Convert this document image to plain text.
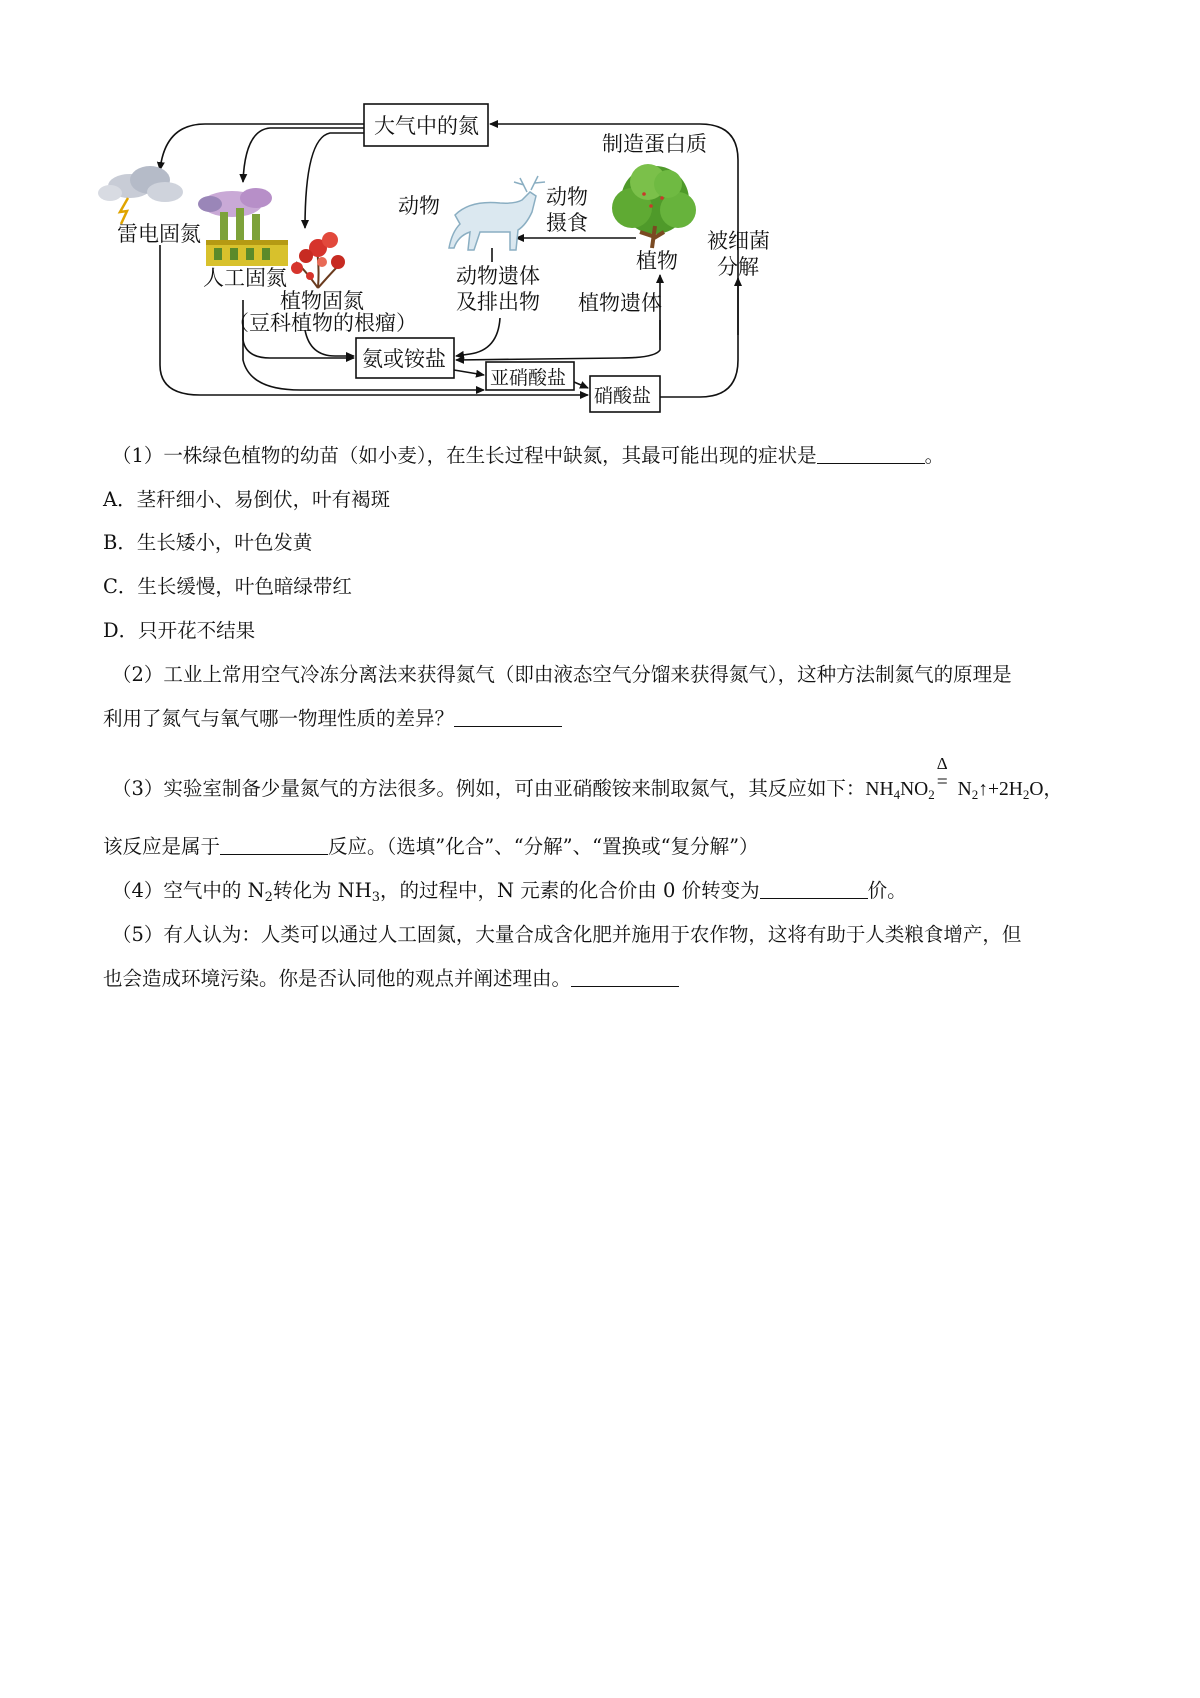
大气中的氮
制造蛋白质
雷电固氮
人工固氮
动物	动物
摄食
被细菌
分解
植物
植物固氮
（豆科植物的根瘤）
动物遗体
及排出物 植物遗体
氨或铵盐
亚硝酸盐
硝酸盐
（1）一株绿色植物的幼苗（如小麦），在生长过程中缺氮，其最可能出现的症状是	。
A．茎秆细小、易倒伏，叶有褐斑
B．生长矮小，叶色发黄
C．生长缓慢，叶色暗绿带红
D．只开花不结果
（2）工业上常用空气冷冻分离法来获得氮气（即由液态空气分馏来获得氮气），这种方法制氮气的原理是
利用了氮气与氧气哪一物理性质的差异？
（3）实验室制备少量氮气的方法很多。例如，可由亚硝酸铵来制取氮气，其反应如下：$NH_4NO_2$
Δ
= $N_2↑+2H_2O$，
该反应是属于	反应。（选填”化合”、“分解”、“置换或“复分解”）
（4）空气中的 $N_2$转化为 $NH_3$，的过程中，N 元素的化合价由 0 价转变为	价。
（5）有人认为：人类可以通过人工固氮，大量合成含化肥并施用于农作物，这将有助于人类粮食增产，但
也会造成环境污染。你是否认同他的观点并阐述理由。
